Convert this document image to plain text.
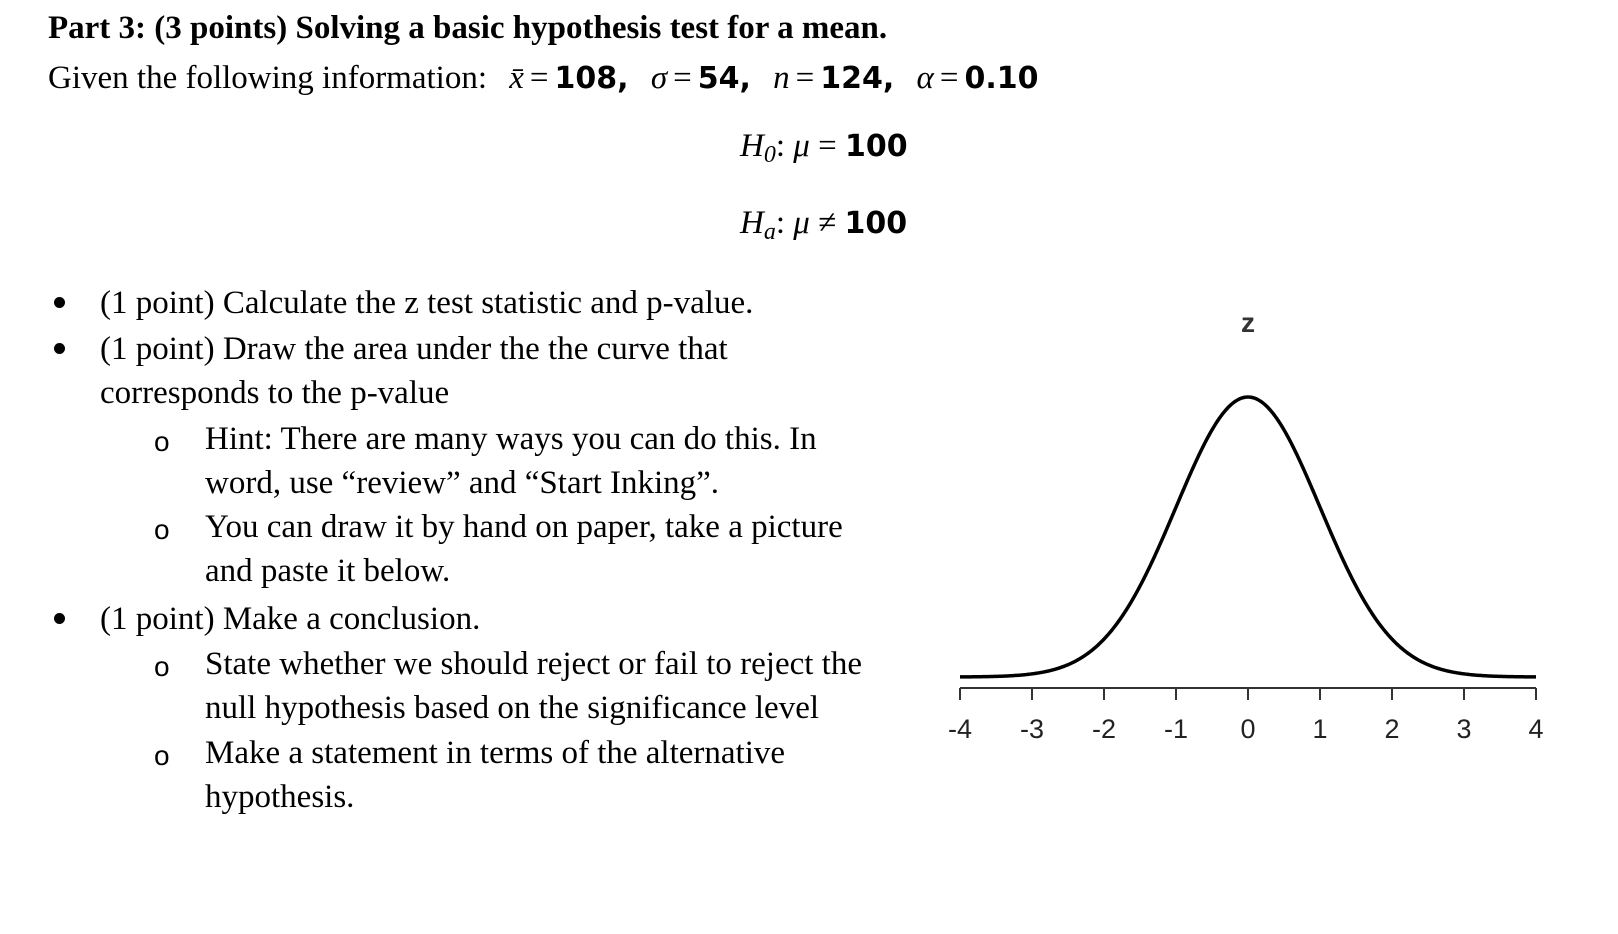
Part 3: (3 points) Solving a basic hypothesis test for a mean.
Given the following information: x̄ = 108, σ = 54, n = 124, α = 0.10
$H_0$: μ = 100
$H_a$: μ ≠ 100
(1 point) Calculate the z test statistic and p-value.
(1 point) Draw the area under the the curve that
corresponds to the p-value
o Hint: There are many ways you can do this. In
word, use “review” and “Start Inking”.
o You can draw it by hand on paper, take a picture
and paste it below.
(1 point) Make a conclusion.
o State whether we should reject or fail to reject the
null hypothesis based on the significance level
o Make a statement in terms of the alternative
hypothesis.
z
-4 -3 -2 -1 0 1 2 3 4
